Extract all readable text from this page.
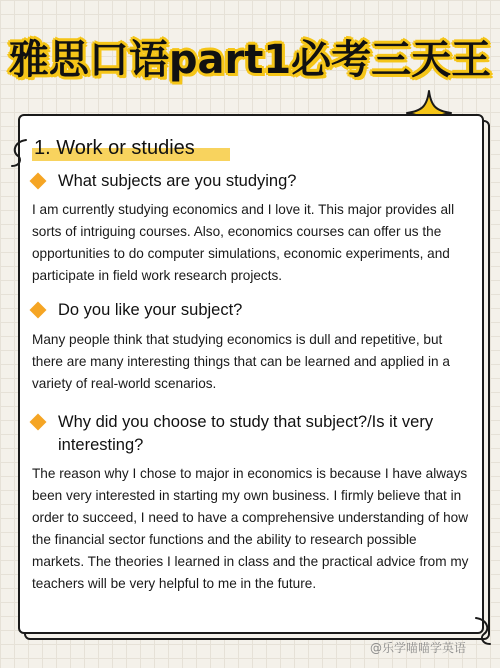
雅思口语part1必考三天王
1. Work or studies
What subjects are you studying?
I am currently studying economics and I love it. This major provides all sorts of intriguing courses. Also, economics courses can offer us the opportunities to do computer simulations, economic experiments, and participate in field work research projects.
Do you like your subject?
Many people think that studying economics is dull and repetitive, but there are many interesting things that can be learned and applied in a variety of real-world scenarios.
Why did you choose to study that subject?/Is it very interesting?
The reason why I chose to major in economics is because I have always been very interested in starting my own business. I firmly believe that in order to succeed, I need to have a comprehensive understanding of how the financial sector functions and the ability to research possible markets. The theories I learned in class and the practical advice from my teachers will be very helpful to me in the future.
@乐学喵喵学英语
